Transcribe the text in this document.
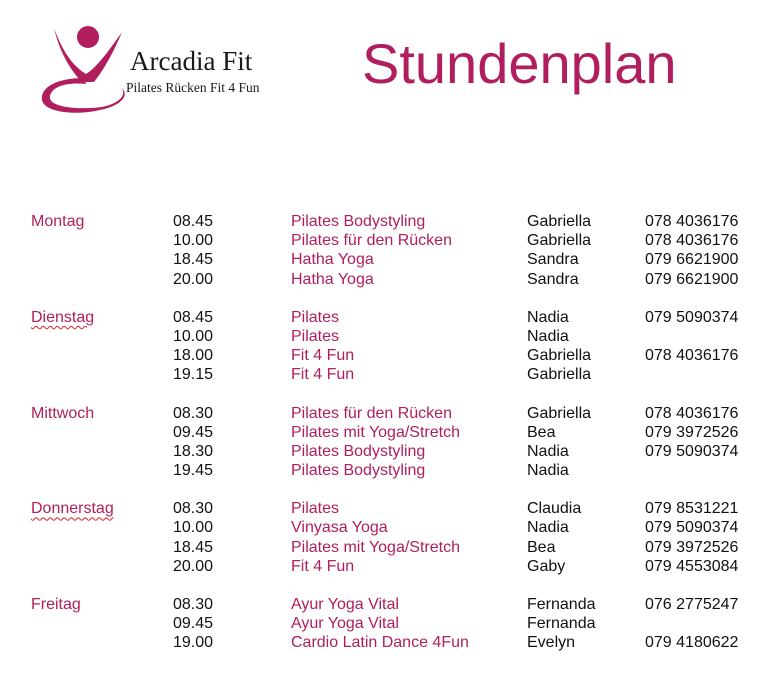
Arcadia Fit
Pilates Rücken Fit 4 Fun Stundenplan
Montag	08.45	Pilates Bodystyling	Gabriella	078 4036176
10.00	Pilates für den Rücken	Gabriella	078 4036176
18.45	Hatha Yoga	Sandra	079 6621900
20.00	Hatha Yoga	Sandra	079 6621900
Dienstag	08.45	Pilates	Nadia	079 5090374
10.00	Pilates	Nadia
18.00	Fit 4 Fun	Gabriella	078 4036176
19.15	Fit 4 Fun	Gabriella
Mittwoch	08.30	Pilates für den Rücken	Gabriella	078 4036176
09.45	Pilates mit Yoga/Stretch	Bea	079 3972526
18.30	Pilates Bodystyling	Nadia	079 5090374
19.45	Pilates Bodystyling	Nadia
Donnerstag	08.30	Pilates	Claudia	079 8531221
10.00	Vinyasa Yoga	Nadia	079 5090374
18.45	Pilates mit Yoga/Stretch	Bea	079 3972526
20.00	Fit 4 Fun	Gaby	079 4553084
Freitag	08.30	Ayur Yoga Vital	Fernanda	076 2775247
09.45	Ayur Yoga Vital	Fernanda
19.00	Cardio Latin Dance 4Fun	Evelyn	079 4180622
